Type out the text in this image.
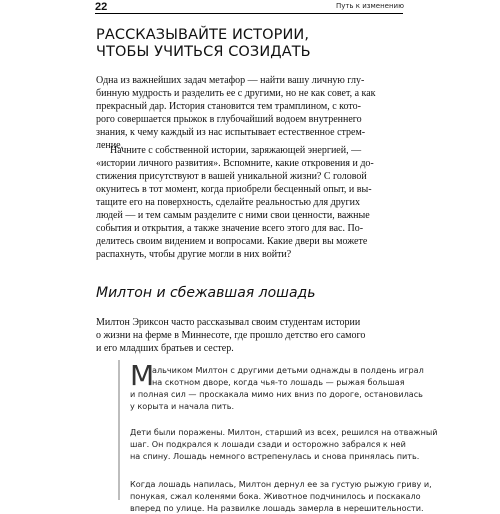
22	Путь к изменению
РАССКАЗЫВАЙТЕ ИСТОРИИ,
ЧТОБЫ УЧИТЬСЯ СОЗИДАТЬ

Одна из важнейших задач метафор — найти вашу личную глу-
бинную мудрость и разделить ее с другими, но не как совет, а как
прекрасный дар. История становится тем трамплином, с кото-
рого совершается прыжок в глубочайший водоем внутреннего
знания, к чему каждый из нас испытывает естественное стрем-
ление.

Начните с собственной истории, заряжающей энергией, —
«истории личного развития». Вспомните, какие откровения и до-
стижения присутствуют в вашей уникальной жизни? С головой
окунитесь в тот момент, когда приобрели бесценный опыт, и вы-
тащите его на поверхность, сделайте реальностью для других
людей — и тем самым разделите с ними свои ценности, важные
события и открытия, а также значение всего этого для вас. По-
делитесь своим видением и вопросами. Какие двери вы можете
распахнуть, чтобы другие могли в них войти?

Милтон и сбежавшая лошадь

Милтон Эриксон часто рассказывал своим студентам истории
о жизни на ферме в Миннесоте, где прошло детство его самого
и его младших братьев и сестер.

М

альчиком Милтон с другими детьми однажды в полдень играл
на скотном дворе, когда чья-то лошадь — рыжая большая
и полная сил — проскакала мимо них вниз по дороге, остановилась
у корыта и начала пить.

Дети были поражены. Милтон, старший из всех, решился на отважный
шаг. Он подкрался к лошади сзади и осторожно забрался к ней
на спину. Лошадь немного встрепенулась и снова принялась пить.

Когда лошадь напилась, Милтон дернул ее за густую рыжую гриву и,
понукая, сжал коленями бока. Животное подчинилось и поскакало
вперед по улице. На развилке лошадь замерла в нерешительности.
